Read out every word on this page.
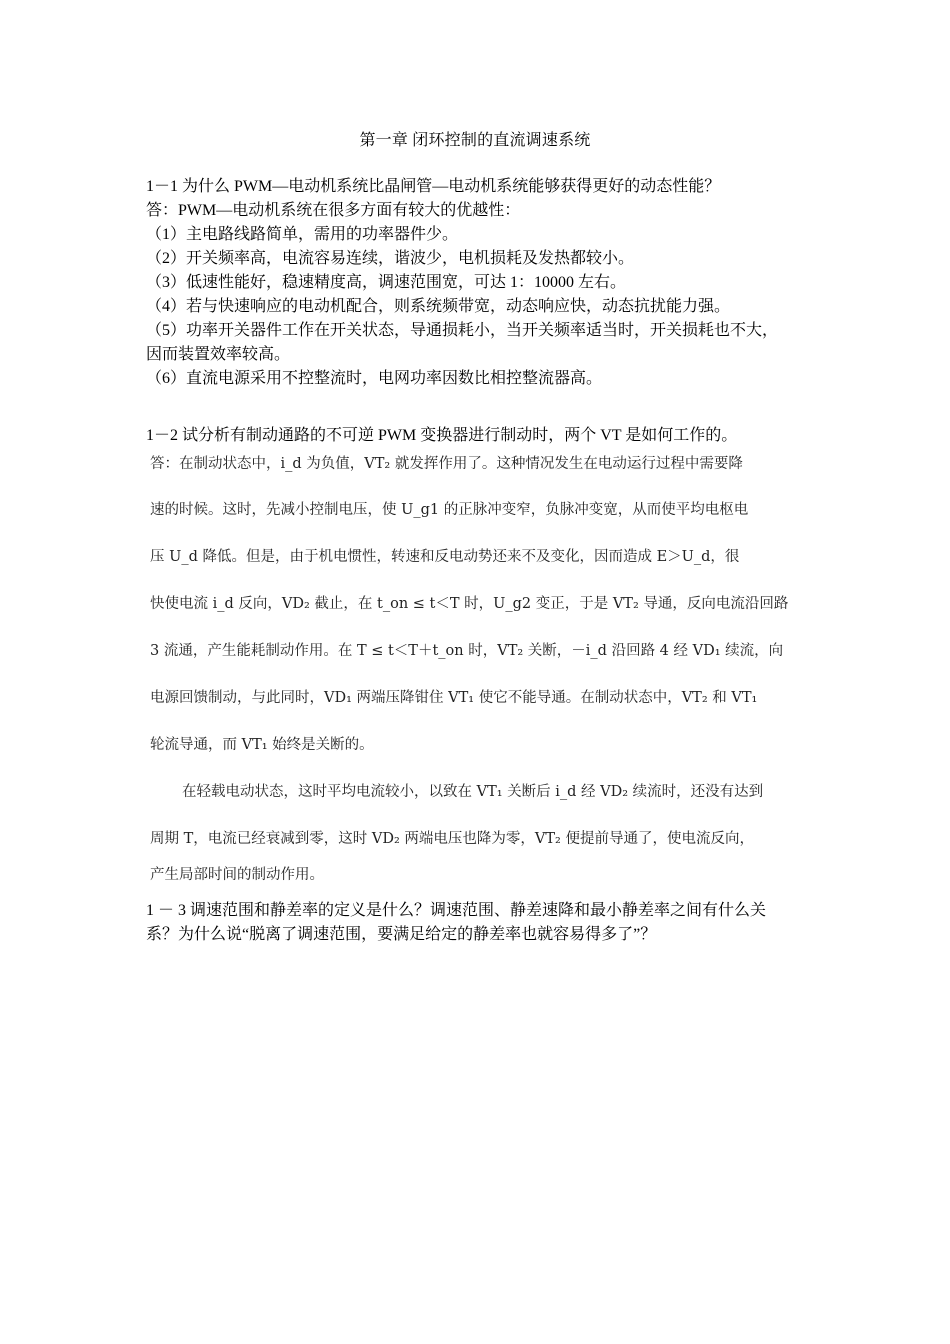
第一章 闭环控制的直流调速系统
1－1 为什么 PWM—电动机系统比晶闸管—电动机系统能够获得更好的动态性能？
答：PWM—电动机系统在很多方面有较大的优越性：
（1）主电路线路简单，需用的功率器件少。
（2）开关频率高，电流容易连续，谐波少，电机损耗及发热都较小。
（3）低速性能好，稳速精度高，调速范围宽，可达 1：10000 左右。
（4）若与快速响应的电动机配合，则系统频带宽，动态响应快，动态抗扰能力强。
（5）功率开关器件工作在开关状态，导通损耗小，当开关频率适当时，开关损耗也不大，
因而装置效率较高。
（6）直流电源采用不控整流时，电网功率因数比相控整流器高。
1－2 试分析有制动通路的不可逆 PWM 变换器进行制动时，两个 VT 是如何工作的。
答：在制动状态中，i_d 为负值，VT₂ 就发挥作用了。这种情况发生在电动运行过程中需要降
速的时候。这时，先减小控制电压，使 U_g1 的正脉冲变窄，负脉冲变宽，从而使平均电枢电
压 U_d 降低。但是，由于机电惯性，转速和反电动势还来不及变化，因而造成 E＞U_d，很
快使电流 i_d 反向，VD₂ 截止，在 t_on ≤ t＜T 时，U_g2 变正，于是 VT₂ 导通，反向电流沿回路
3 流通，产生能耗制动作用。在 T ≤ t＜T＋t_on 时，VT₂ 关断，－i_d 沿回路 4 经 VD₁ 续流，向
电源回馈制动，与此同时，VD₁ 两端压降钳住 VT₁ 使它不能导通。在制动状态中，VT₂ 和 VT₁
轮流导通，而 VT₁ 始终是关断的。
在轻载电动状态，这时平均电流较小，以致在 VT₁ 关断后 i_d 经 VD₂ 续流时，还没有达到
周期 T，电流已经衰减到零，这时 VD₂ 两端电压也降为零，VT₂ 便提前导通了，使电流反向，
产生局部时间的制动作用。
1 － 3 调速范围和静差率的定义是什么？调速范围、静差速降和最小静差率之间有什么关
系？为什么说“脱离了调速范围，要满足给定的静差率也就容易得多了”？
